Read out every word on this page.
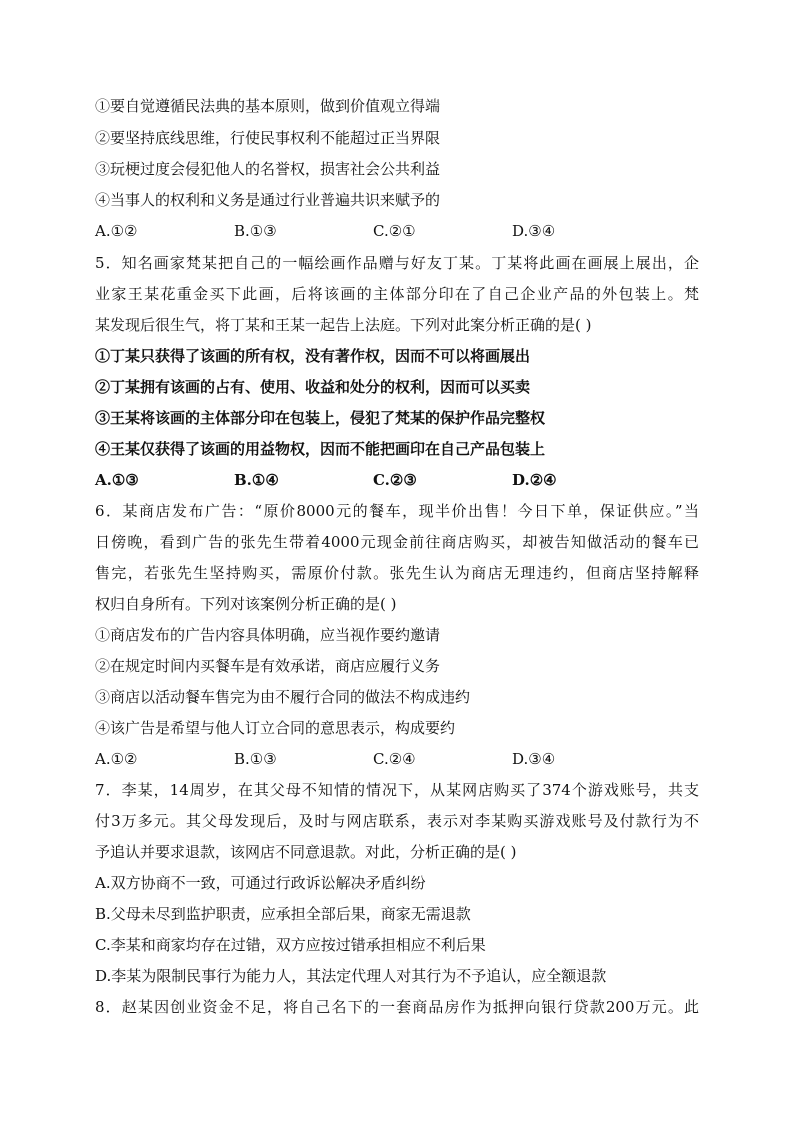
①要自觉遵循民法典的基本原则，做到价值观立得端
②要坚持底线思维，行使民事权利不能超过正当界限
③玩梗过度会侵犯他人的名誉权，损害社会公共利益
④当事人的权利和义务是通过行业普遍共识来赋予的
A.①②	B.①③	C.②①	D.③④
5．知名画家梵某把自己的一幅绘画作品赠与好友丁某。丁某将此画在画展上展出，企
业家王某花重金买下此画，后将该画的主体部分印在了自己企业产品的外包装上。梵
某发现后很生气，将丁某和王某一起告上法庭。下列对此案分析正确的是( )
①丁某只获得了该画的所有权，没有著作权，因而不可以将画展出
②丁某拥有该画的占有、使用、收益和处分的权利，因而可以买卖
③王某将该画的主体部分印在包装上，侵犯了梵某的保护作品完整权
④王某仅获得了该画的用益物权，因而不能把画印在自己产品包装上
A.①③	B.①④	C.②③	D.②④
6．某商店发布广告：“原价8000元的餐车，现半价出售！今日下单，保证供应。”当
日傍晚，看到广告的张先生带着4000元现金前往商店购买，却被告知做活动的餐车已
售完，若张先生坚持购买，需原价付款。张先生认为商店无理违约，但商店坚持解释
权归自身所有。下列对该案例分析正确的是( )
①商店发布的广告内容具体明确，应当视作要约邀请
②在规定时间内买餐车是有效承诺，商店应履行义务
③商店以活动餐车售完为由不履行合同的做法不构成违约
④该广告是希望与他人订立合同的意思表示，构成要约
A.①②	B.①③	C.②④	D.③④
7．李某，14周岁，在其父母不知情的情况下，从某网店购买了374个游戏账号，共支
付3万多元。其父母发现后，及时与网店联系，表示对李某购买游戏账号及付款行为不
予追认并要求退款，该网店不同意退款。对此，分析正确的是( )
A.双方协商不一致，可通过行政诉讼解决矛盾纠纷
B.父母未尽到监护职责，应承担全部后果，商家无需退款
C.李某和商家均存在过错，双方应按过错承担相应不利后果
D.李某为限制民事行为能力人，其法定代理人对其行为不予追认，应全额退款
8．赵某因创业资金不足，将自己名下的一套商品房作为抵押向银行贷款200万元。此
